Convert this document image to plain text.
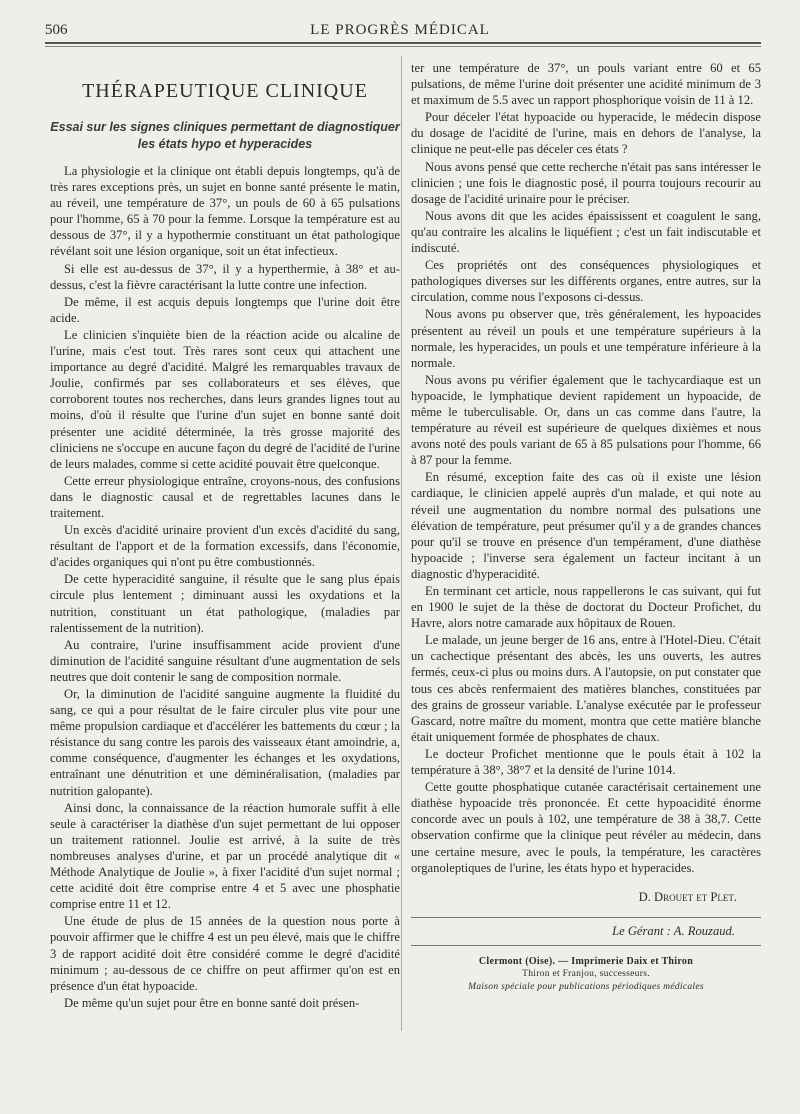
506	LE PROGRÈS MÉDICAL
THÉRAPEUTIQUE CLINIQUE
Essai sur les signes cliniques permettant de diagnostiquer les états hypo et hyperacides

La physiologie et la clinique ont établi depuis longtemps, qu'à de très rares exceptions près, un sujet en bonne santé présente le matin, au réveil, une température de 37°, un pouls de 60 à 65 pulsations pour l'homme, 65 à 70 pour la femme. Lorsque la température est au dessous de 37°, il y a hypothermie constituant un état pathologique révélant soit une lésion organique, soit un état infectieux.

Si elle est au-dessus de 37°, il y a hyperthermie, à 38° et au-dessus, c'est la fièvre caractérisant la lutte contre une infection.

De même, il est acquis depuis longtemps que l'urine doit être acide.

Le clinicien s'inquiète bien de la réaction acide ou alcaline de l'urine, mais c'est tout. Très rares sont ceux qui attachent une importance au degré d'acidité. Malgré les remarquables travaux de Joulie, confirmés par ses collaborateurs et ses élèves, que corroborent toutes nos recherches, dans leurs grandes lignes tout au moins, d'où il résulte que l'urine d'un sujet en bonne santé doit présenter une acidité déterminée, la très grosse majorité des cliniciens ne s'occupe en aucune façon du degré de l'acidité de l'urine de leurs malades, comme si cette acidité pouvait être quelconque.

Cette erreur physiologique entraîne, croyons-nous, des confusions dans le diagnostic causal et de regrettables lacunes dans le traitement.

Un excès d'acidité urinaire provient d'un excès d'acidité du sang, résultant de l'apport et de la formation excessifs, dans l'économie, d'acides organiques qui n'ont pu être combustionnés.

De cette hyperacidité sanguine, il résulte que le sang plus épais circule plus lentement ; diminuant aussi les oxydations et la nutrition, constituant un état pathologique, (maladies par ralentissement de la nutrition).

Au contraire, l'urine insuffisamment acide provient d'une diminution de l'acidité sanguine résultant d'une augmentation de sels neutres que doit contenir le sang de composition normale.

Or, la diminution de l'acidité sanguine augmente la fluidité du sang, ce qui a pour résultat de le faire circuler plus vite pour une même propulsion cardiaque et d'accélérer les battements du cœur ; la résistance du sang contre les parois des vaisseaux étant amoindrie, a, comme conséquence, d'augmenter les échanges et les oxydations, entraînant une dénutrition et une déminéralisation, (maladies par nutrition galopante).

Ainsi donc, la connaissance de la réaction humorale suffit à elle seule à caractériser la diathèse d'un sujet permettant de lui opposer un traitement rationnel. Joulie est arrivé, à la suite de très nombreuses analyses d'urine, et par un procédé analytique dit « Méthode Analytique de Joulie », à fixer l'acidité d'un sujet normal ; cette acidité doit être comprise entre 4 et 5 avec une phosphatie comprise entre 11 et 12.

Une étude de plus de 15 années de la question nous porte à pouvoir affirmer que le chiffre 4 est un peu élevé, mais que le chiffre 3 de rapport acidité doit être considéré comme le degré d'acidité minimum ; au-dessous de ce chiffre on peut affirmer qu'on est en présence d'un état hypoacide.

De même qu'un sujet pour être en bonne santé doit présen-

ter une température de 37°, un pouls variant entre 60 et 65 pulsations, de même l'urine doit présenter une acidité minimum de 3 et maximum de 5.5 avec un rapport phosphorique voisin de 11 à 12.

Pour déceler l'état hypoacide ou hyperacide, le médecin dispose du dosage de l'acidité de l'urine, mais en dehors de l'analyse, la clinique ne peut-elle pas déceler ces états ?

Nous avons pensé que cette recherche n'était pas sans intéresser le clinicien ; une fois le diagnostic posé, il pourra toujours recourir au dosage de l'acidité urinaire pour le préciser.

Nous avons dit que les acides épaississent et coagulent le sang, qu'au contraire les alcalins le liquéfient ; c'est un fait indiscutable et indiscuté.

Ces propriétés ont des conséquences physiologiques et pathologiques diverses sur les différents organes, entre autres, sur la circulation, comme nous l'exposons ci-dessus.

Nous avons pu observer que, très généralement, les hypoacides présentent au réveil un pouls et une température supérieurs à la normale, les hyperacides, un pouls et une température inférieure à la normale.

Nous avons pu vérifier également que le tachycardiaque est un hypoacide, le lymphatique devient rapidement un hypoacide, de même le tuberculisable. Or, dans un cas comme dans l'autre, la température au réveil est supérieure de quelques dixièmes et nous avons noté des pouls variant de 65 à 85 pulsations pour l'homme, 66 à 87 pour la femme.

En résumé, exception faite des cas où il existe une lésion cardiaque, le clinicien appelé auprès d'un malade, et qui note au réveil une augmentation du nombre normal des pulsations une élévation de température, peut présumer qu'il y a de grandes chances pour qu'il se trouve en présence d'un tempérament, d'une diathèse hypoacide ; l'inverse sera également un facteur incitant à un diagnostic d'hyperacidité.

En terminant cet article, nous rappellerons le cas suivant, qui fut en 1900 le sujet de la thèse de doctorat du Docteur Profichet, du Havre, alors notre camarade aux hôpitaux de Rouen.

Le malade, un jeune berger de 16 ans, entre à l'Hotel-Dieu. C'était un cachectique présentant des abcès, les uns ouverts, les autres fermés, ceux-ci plus ou moins durs. A l'autopsie, on put constater que tous ces abcès renfermaient des matières blanches, constituées par des grains de grosseur variable. L'analyse exécutée par le professeur Gascard, notre maître du moment, montra que cette matière blanche était uniquement formée de phosphates de chaux.

Le docteur Profichet mentionne que le pouls était à 102 la température à 38°, 38°7 et la densité de l'urine 1014.

Cette goutte phosphatique cutanée caractérisait certainement une diathèse hypoacide très prononcée. Et cette hypoacidité énorme concorde avec un pouls à 102, une température de 38 à 38,7. Cette observation confirme que la clinique peut révéler au médecin, dans une certaine mesure, avec le pouls, la température, les caractères organoleptiques de l'urine, les états hypo et hyperacides.

D. Drouet et Plet.
Le Gérant : A. Rouzaud.
Clermont (Oise). — Imprimerie Daix et Thiron
Thiron et Franjou, successeurs.
Maison spéciale pour publications périodiques médicales
